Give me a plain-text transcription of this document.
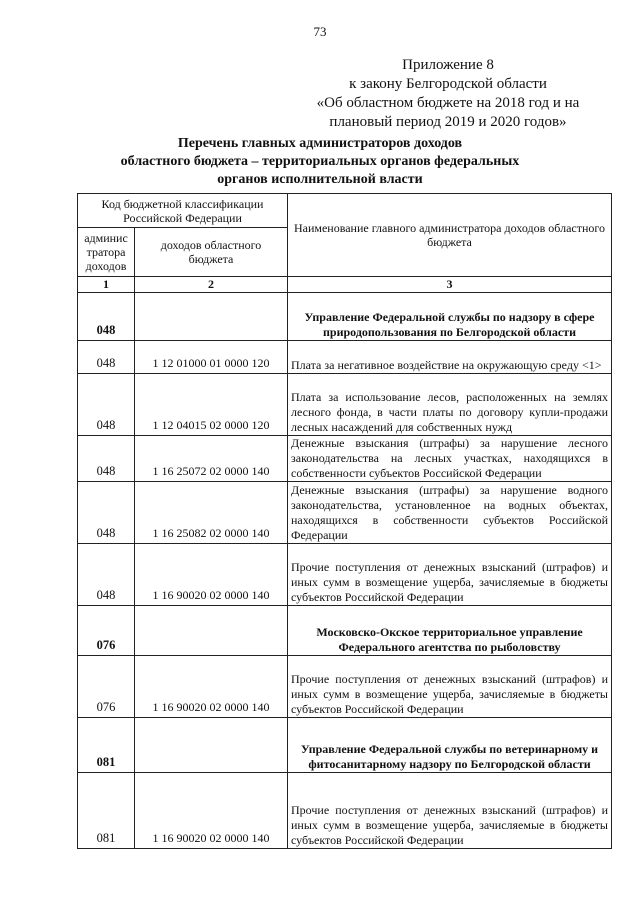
73
Приложение 8
к закону Белгородской области
«Об областном бюджете на 2018 год и на
плановый период 2019 и 2020 годов»
Перечень главных администраторов доходов
областного бюджета – территориальных органов федеральных
органов исполнительной власти
Код бюджетной классификации Российской Федерации		Наименование главного администратора доходов областного бюджета
админис тратора доходов	доходов областного бюджета	
1	2	3
048		Управление Федеральной службы по надзору в сфере природопользования по Белгородской области
048	1 12 01000 01 0000 120	Плата за негативное воздействие на окружающую среду <1>
048	1 12 04015 02 0000 120	Плата за использование лесов, расположенных на землях лесного фонда, в части платы по договору купли-продажи лесных насаждений для собственных нужд
048	1 16 25072 02 0000 140	Денежные взыскания (штрафы) за нарушение лесного законодательства на лесных участках, находящихся в собственности субъектов Российской Федерации
048	1 16 25082 02 0000 140	Денежные взыскания (штрафы) за нарушение водного законодательства, установленное на водных объектах, находящихся в собственности субъектов Российской Федерации
048	1 16 90020 02 0000 140	Прочие поступления от денежных взысканий (штрафов) и иных сумм в возмещение ущерба, зачисляемые в бюджеты субъектов Российской Федерации
076		Московско-Окское территориальное управление Федерального агентства по рыболовству
076	1 16 90020 02 0000 140	Прочие поступления от денежных взысканий (штрафов) и иных сумм в возмещение ущерба, зачисляемые в бюджеты субъектов Российской Федерации
081		Управление Федеральной службы по ветеринарному и фитосанитарному надзору по Белгородской области
081	1 16 90020 02 0000 140	Прочие поступления от денежных взысканий (штрафов) и иных сумм в возмещение ущерба, зачисляемые в бюджеты субъектов Российской Федерации
